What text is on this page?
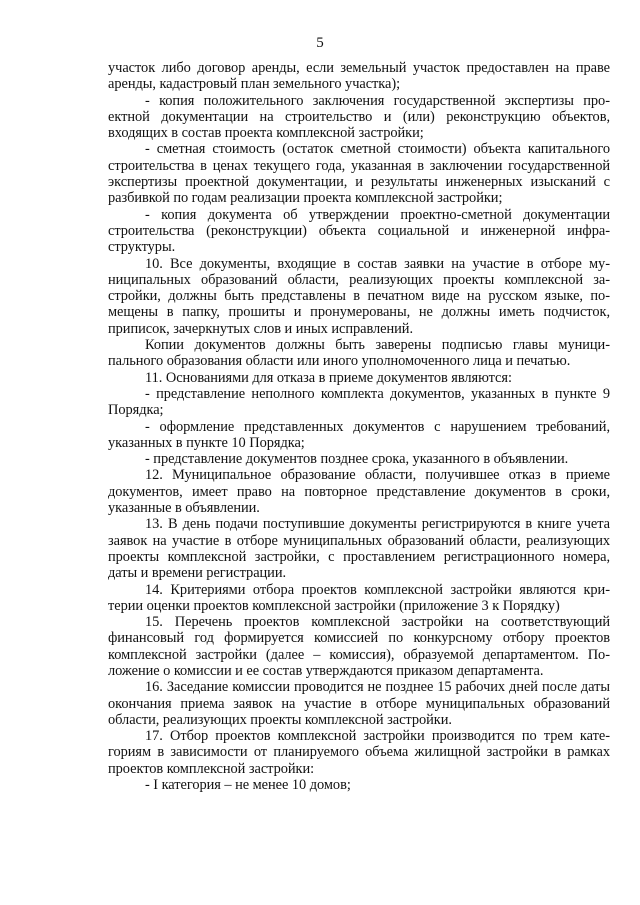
5

участок либо договор аренды, если земельный участок предоставлен на праве аренды, кадастровый план земельного участка);

- копия положительного заключения государственной экспертизы проектной документации на строительство и (или) реконструкцию объектов, входящих в состав проекта комплексной застройки;

- сметная стоимость (остаток сметной стоимости) объекта капитального строительства в ценах текущего года, указанная в заключении государственной экспертизы проектной документации, и результаты инженерных изысканий с разбивкой по годам реализации проекта комплексной застройки;

- копия документа об утверждении проектно-сметной документации строительства (реконструкции) объекта социальной и инженерной инфраструктуры.

10. Все документы, входящие в состав заявки на участие в отборе муниципальных образований области, реализующих проекты комплексной застройки, должны быть представлены в печатном виде на русском языке, помещены в папку, прошиты и пронумерованы, не должны иметь подчисток, приписок, зачеркнутых слов и иных исправлений.

Копии документов должны быть заверены подписью главы муниципального образования области или иного уполномоченного лица и печатью.

11. Основаниями для отказа в приеме документов являются:

- представление неполного комплекта документов, указанных в пункте 9 Порядка;

- оформление представленных документов с нарушением требований, указанных в пункте 10 Порядка;

- представление документов позднее срока, указанного в объявлении.

12. Муниципальное образование области, получившее отказ в приеме документов, имеет право на повторное представление документов в сроки, указанные в объявлении.

13. В день подачи поступившие документы регистрируются в книге учета заявок на участие в отборе муниципальных образований области, реализующих проекты комплексной застройки, с проставлением регистрационного номера, даты и времени регистрации.

14. Критериями отбора проектов комплексной застройки являются критерии оценки проектов комплексной застройки (приложение 3 к Порядку)

15. Перечень проектов комплексной застройки на соответствующий финансовый год формируется комиссией по конкурсному отбору проектов комплексной застройки (далее – комиссия), образуемой департаментом. Положение о комиссии и ее состав утверждаются приказом департамента.

16. Заседание комиссии проводится не позднее 15 рабочих дней после даты окончания приема заявок на участие в отборе муниципальных образований области, реализующих проекты комплексной застройки.

17. Отбор проектов комплексной застройки производится по трем категориям в зависимости от планируемого объема жилищной застройки в рамках проектов комплексной застройки:

- I категория – не менее 10 домов;
